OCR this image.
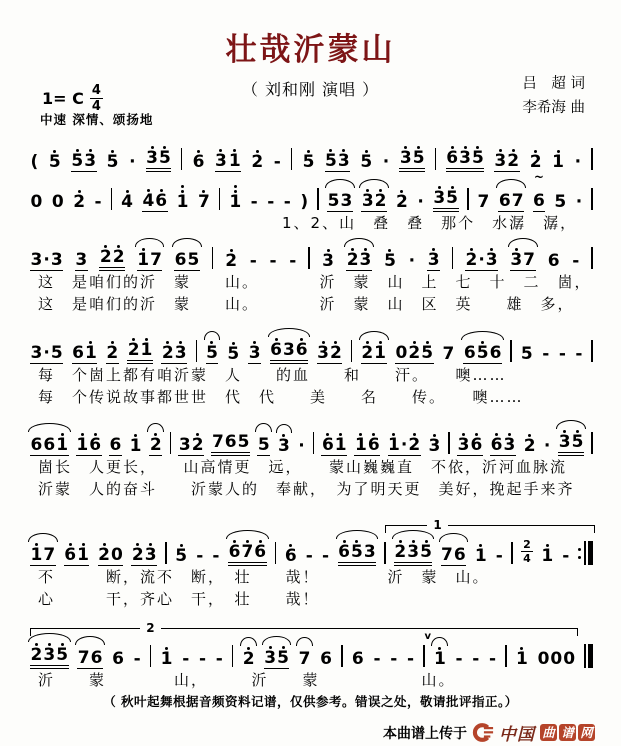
壮哉沂蒙山
（ 刘和刚 演唱 ）	吕　超 词
李希海 曲
1= C $\frac{4}{4}$
中速 深情、颂扬地
( 5 5 3 5 · 3 5 6 3 1 2 - 5 5 3 5 · 3 5 6 3 5 3 2 2 1 ·
0 0 2 - 4 4 6 1 7 1 - - - ) 5 3 3 2 2 · 3 5 7 6 7
~
6 5 ·
1、2、山　叠　叠　那个　水潺　潺，
3 · 3 3 2 2 1 7 6 5 2 - - - 3 2 3 5 · 3 2 · 3 3 7 6 -
这　是咱们的沂　蒙　　山。　　　　沂　蒙　山　上　七　十　二　崮，
这　是咱们的沂　蒙　　山。　　　　沂　蒙　山　区　英　　雄　多，
3 · 5 6 1 2 2 1 2 3 5 5 3 6 3 6 3 2 2 1 0 2 5 7 6 5 6 5 - - -
每　个崮上都有咱沂蒙　人　　的血　　和　　汗。　　噢……
每　个传说故事都世世　代　代　　美　　名　　传。　　噢……
6 6 1 1 6 6 1 2 3 2 7 6 5 5 3 · 6 1 1 6 1 · 2 3 3 6 6 3 2 · 3 5
崮长　人更长，　　山高情更　远，　　蒙山巍巍直　不依，沂河血脉流
沂蒙　人的奋斗　　沂蒙人的　奉献，　为了明天更　美好，挽起手来齐
1
1 7 6 1 2 0 2 3 5 - - 6 7 6 6 - - 6 5 3 2 3 5 7 6 1 -
2
4 1 -
不　　　断，流不　断，　壮　　哉！　　　　沂　蒙　山。
心　　　干，齐心　干，　壮　　哉！
2
2 3 5 7 6 6 - 1 - - - 2 3 5 7 6 6 - - -
v
1 - - - 1 0 0 0
沂　　蒙　　　　山，　　　沂　　蒙　　　　　　山。
（ 秋叶起舞根据音频资料记谱，仅供参考。错误之处，敬请批评指正。）
本曲谱上传于 中国 曲 谱 网
